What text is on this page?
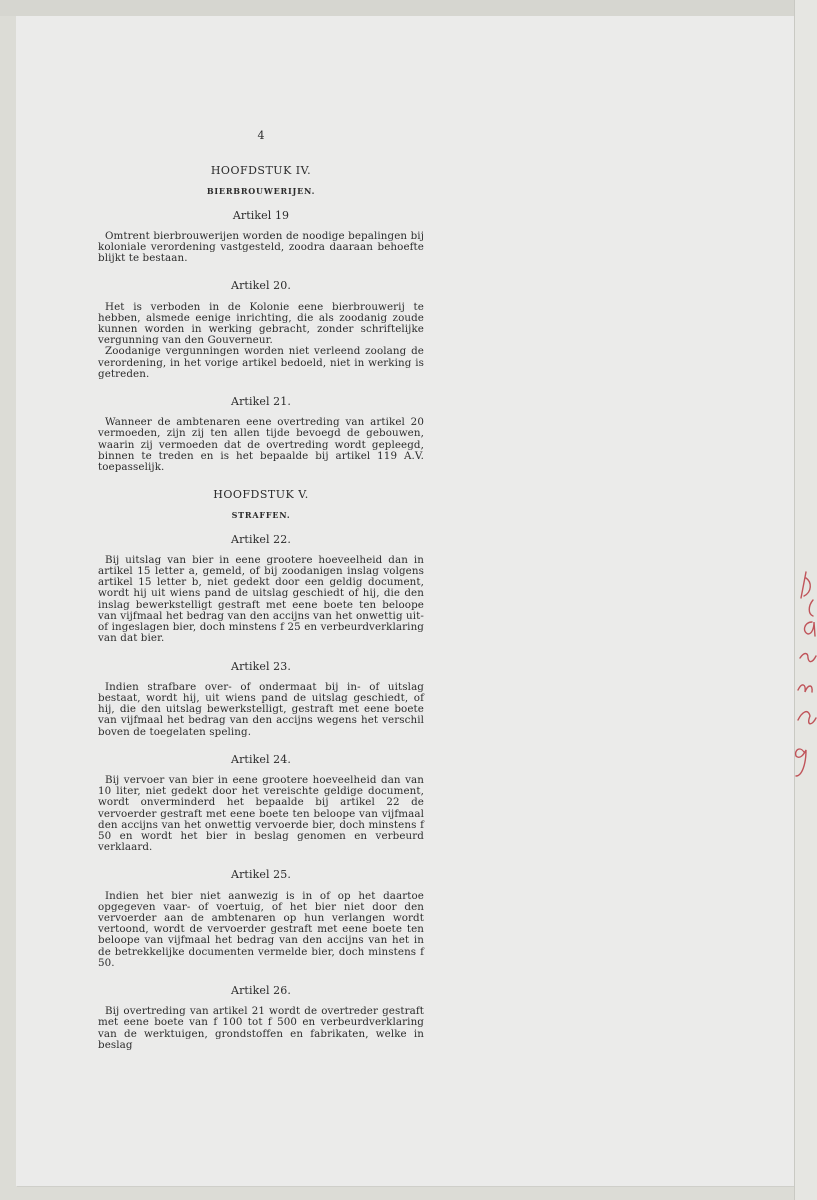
4
HOOFDSTUK IV.
BIERBROUWERIJEN.
Artikel 19

Omtrent bierbrouwerijen worden de noodige bepalingen bij koloniale verordening vastgesteld, zoodra daaraan behoefte blijkt te bestaan.

Artikel 20.

Het is verboden in de Kolonie eene bierbrouwerij te hebben, alsmede eenige inrichting, die als zoodanig zoude kunnen worden in werking gebracht, zonder schriftelijke vergunning van den Gouverneur.

Zoodanige vergunningen worden niet verleend zoolang de verordening, in het vorige artikel bedoeld, niet in werking is getreden.

Artikel 21.

Wanneer de ambtenaren eene overtreding van artikel 20 vermoeden, zijn zij ten allen tijde bevoegd de gebouwen, waarin zij vermoeden dat de overtreding wordt gepleegd, binnen te treden en is het bepaalde bij artikel 119 A.V. toepasselijk.

HOOFDSTUK V.
STRAFFEN.
Artikel 22.

Bij uitslag van bier in eene grootere hoeveelheid dan in artikel 15 letter a, gemeld, of bij zoodanigen inslag volgens artikel 15 letter b, niet gedekt door een geldig document, wordt hij uit wiens pand de uitslag geschiedt of hij, die den inslag bewerkstelligt gestraft met eene boete ten beloope van vijfmaal het bedrag van den accijns van het onwettig uit- of ingeslagen bier, doch minstens f 25 en verbeurdverklaring van dat bier.

Artikel 23.

Indien strafbare over- of ondermaat bij in- of uitslag bestaat, wordt hij, uit wiens pand de uitslag geschiedt, of hij, die den uitslag bewerkstelligt, gestraft met eene boete van vijfmaal het bedrag van den accijns wegens het verschil boven de toegelaten speling.

Artikel 24.

Bij vervoer van bier in eene grootere hoeveelheid dan van 10 liter, niet gedekt door het vereischte geldige document, wordt onverminderd het bepaalde bij artikel 22 de vervoerder gestraft met eene boete ten beloope van vijfmaal den accijns van het onwettig vervoerde bier, doch minstens f 50 en wordt het bier in beslag genomen en verbeurd verklaard.

Artikel 25.

Indien het bier niet aanwezig is in of op het daartoe opgegeven vaar- of voertuig, of het bier niet door den vervoerder aan de ambtenaren op hun verlangen wordt vertoond, wordt de vervoerder gestraft met eene boete ten beloope van vijfmaal het bedrag van den accijns van het in de betrekkelijke documenten vermelde bier, doch minstens f 50.

Artikel 26.

Bij overtreding van artikel 21 wordt de overtreder gestraft met eene boete van f 100 tot f 500 en verbeurdverklaring van de werktuigen, grondstoffen en fabrikaten, welke in beslag
